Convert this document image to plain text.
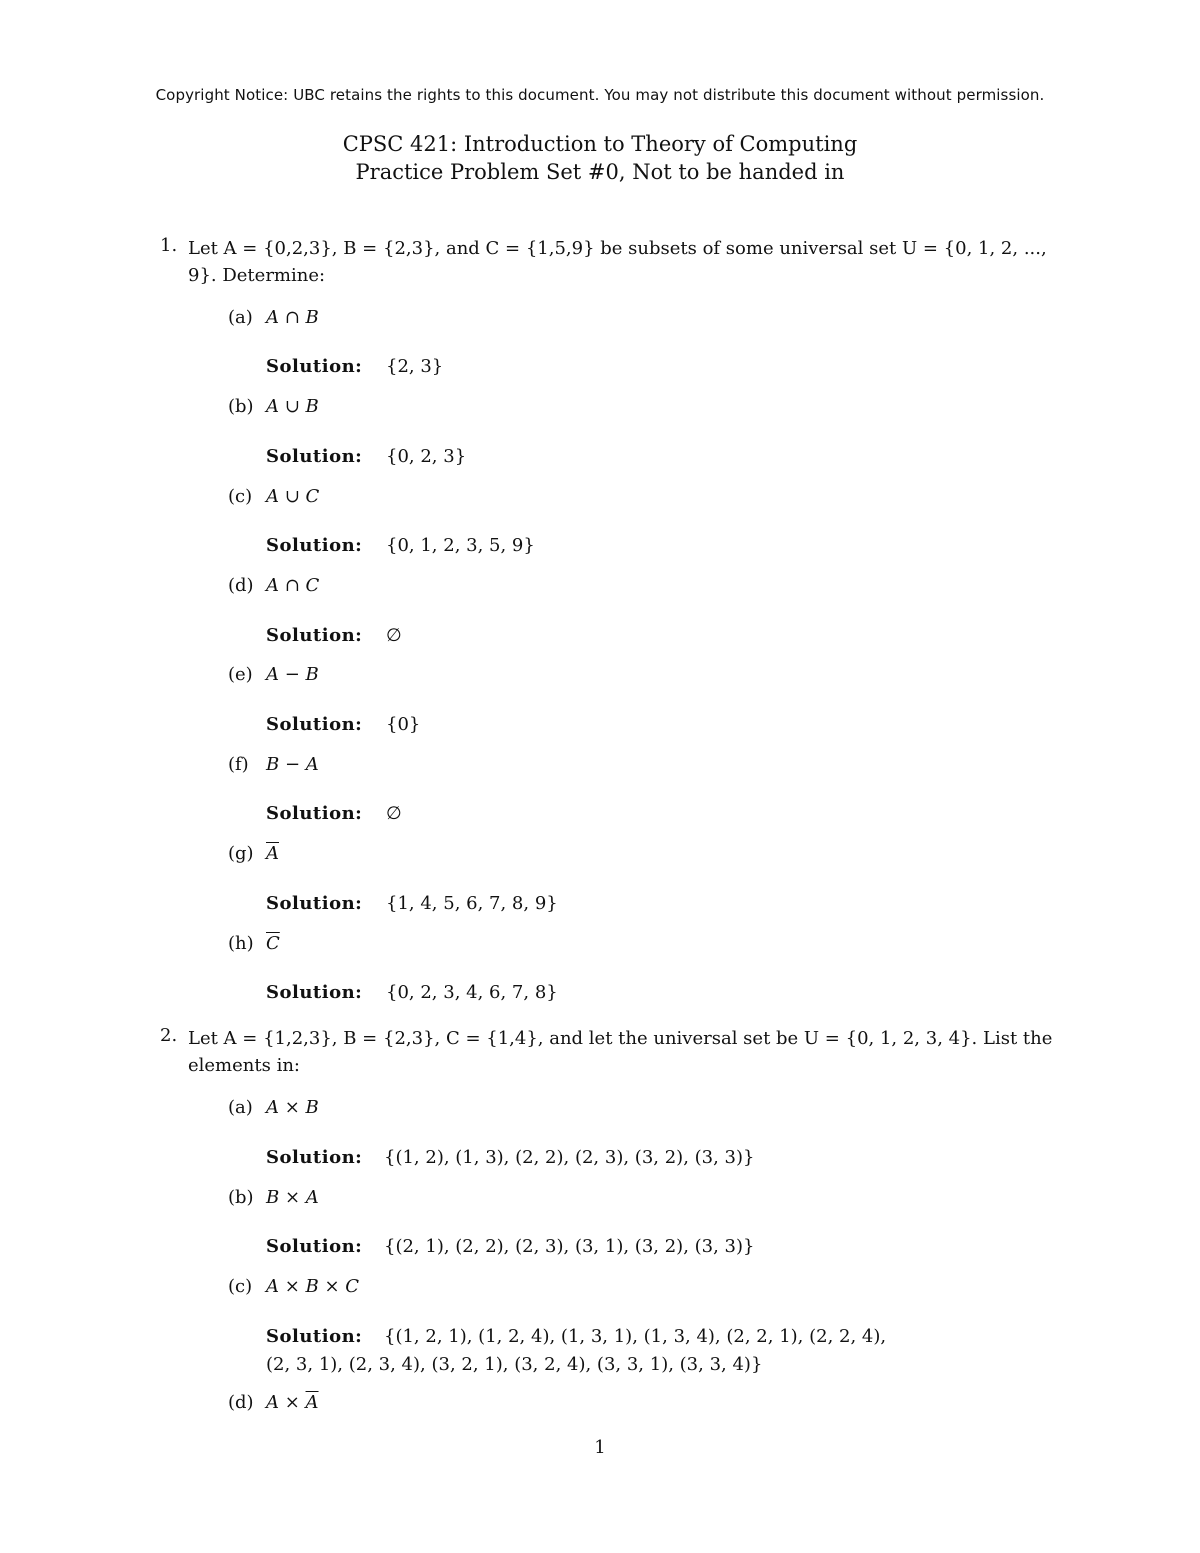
Copyright Notice: UBC retains the rights to this document. You may not distribute this document without permission.
CPSC 421: Introduction to Theory of Computing
Practice Problem Set #0, Not to be handed in
1. Let A = {0,2,3}, B = {2,3}, and C = {1,5,9} be subsets of some universal set U = {0, 1, 2, ..., 9}. Determine:
(a) A ∩ B
Solution: {2, 3}
(b) A ∪ B
Solution: {0, 2, 3}
(c) A ∪ C
Solution: {0, 1, 2, 3, 5, 9}
(d) A ∩ C
Solution: ∅
(e) A − B
Solution: {0}
(f) B − A
Solution: ∅
(g) $\overline{A}$
Solution: {1, 4, 5, 6, 7, 8, 9}
(h) $\overline{C}$
Solution: {0, 2, 3, 4, 6, 7, 8}
2. Let A = {1,2,3}, B = {2,3}, C = {1,4}, and let the universal set be U = {0, 1, 2, 3, 4}. List the elements in:
(a) A × B
Solution: {(1, 2), (1, 3), (2, 2), (2, 3), (3, 2), (3, 3)}
(b) B × A
Solution: {(2, 1), (2, 2), (2, 3), (3, 1), (3, 2), (3, 3)}
(c) A × B × C
Solution: {(1, 2, 1), (1, 2, 4), (1, 3, 1), (1, 3, 4), (2, 2, 1), (2, 2, 4),
(2, 3, 1), (2, 3, 4), (3, 2, 1), (3, 2, 4), (3, 3, 1), (3, 3, 4)}
(d) $A \times \overline{A}$
1
